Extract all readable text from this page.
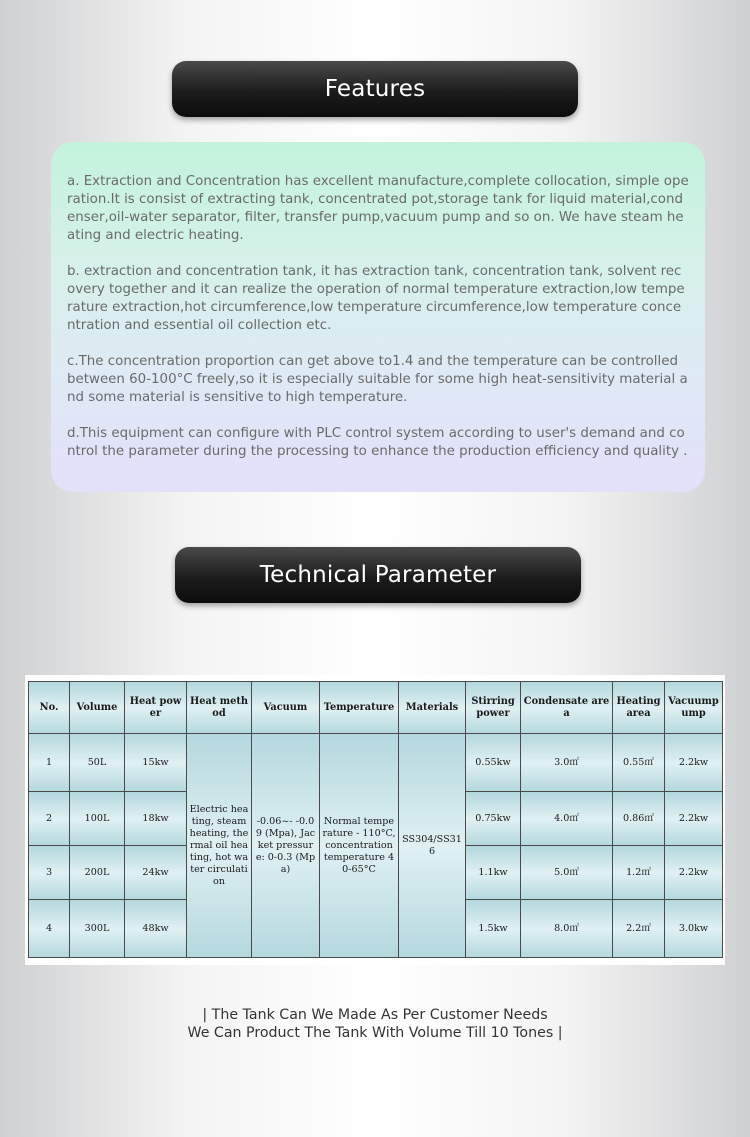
Features

a. Extraction and Concentration has excellent manufacture,complete collocation, simple operation.It is consist of extracting tank, concentrated pot,storage tank for liquid material,condenser,oil-water separator, filter, transfer pump,vacuum pump and so on. We have steam heating and electric heating.

b. extraction and concentration tank, it has extraction tank, concentration tank, solvent recovery together and it can realize the operation of normal temperature extraction,low temperature extraction,hot circumference,low temperature circumference,low temperature concentration and essential oil collection etc.

c.The concentration proportion can get above to1.4 and the temperature can be controlled between 60-100°C freely,so it is especially suitable for some high heat-sensitivity material and some material is sensitive to high temperature.

d.This equipment can configure with PLC control system according to user's demand and control the parameter during the processing to enhance the production efficiency and quality .

Technical Parameter
No.	Volume	Heat power	Heat method	Vacuum	Temperature	Materials	Stirringpower	Condensate area	Heatingarea	Vacuumpump
1	50L	15kw	Electric heating, steam heating, thermal oil heating, hot water circulation	-0.06~- -0.09 (Mpa), Jacket pressure: 0-0.3 (Mpa)	Normal temperature - 110°C, concentration temperature 40-65°C	SS304/SS316	0.55kw	3.0㎡	0.55㎡	2.2kw
2	100L	18kw					0.75kw	4.0㎡	0.86㎡	2.2kw
3	200L	24kw					1.1kw	5.0㎡	1.2㎡	2.2kw
4	300L	48kw					1.5kw	8.0㎡	2.2㎡	3.0kw
| The Tank Can We Made As Per Customer Needs
We Can Product The Tank With Volume Till 10 Tones |
